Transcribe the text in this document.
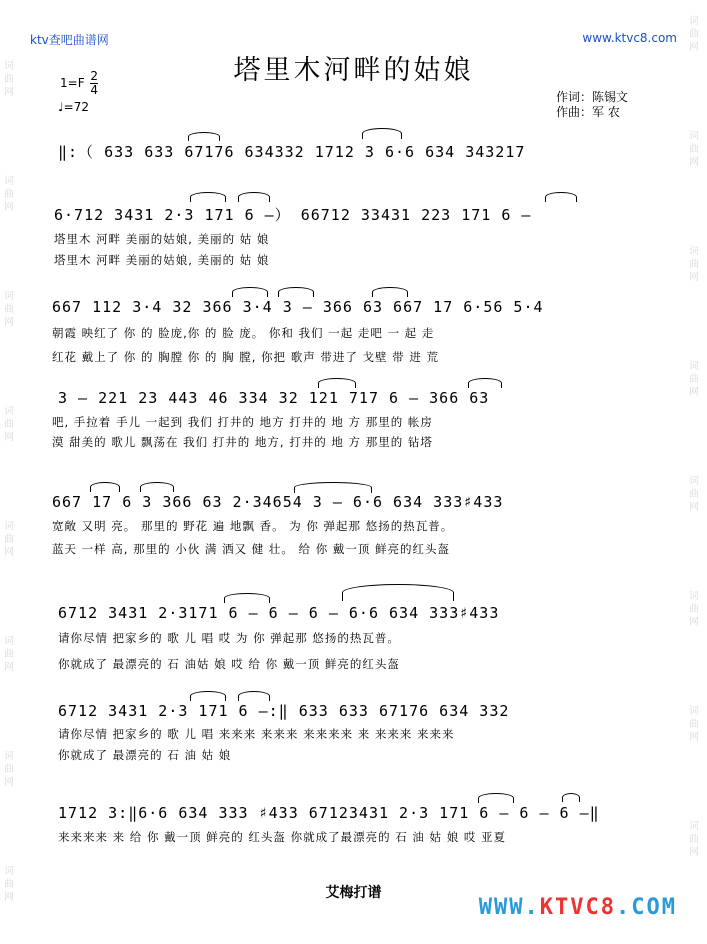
词曲网
词曲网
词曲网
词曲网
词曲网
词曲网
词曲网
词曲网
词曲网
词曲网
词曲网
词曲网
词曲网
词曲网
词曲网
词曲网
ktv查吧曲谱网	www.ktvc8.com
塔里木河畔的姑娘
$1=F \frac{2}{4}$
♩=72
作词：陈锡文
作曲：军 农
‖:（ 633 633 67176 634332 1712 3 6·6 634 343217
6·712 3431 2·3 171 6 –） 66712 33431 223 171 6 –
塔里木 河畔 美丽的姑娘, 美丽的 姑 娘
塔里木 河畔 美丽的姑娘, 美丽的 姑 娘
667 112 3·4 32 366 3·4 3 – 366 63 667 17 6·56 5·4
朝霞 映红了 你 的 脸庞,你 的 脸 庞。 你和 我们 一起 走吧 一 起 走
红花 戴上了 你 的 胸膛 你 的 胸 膛, 你把 歌声 带进了 戈壁 带 进 荒
3 – 221 23 443 46 334 32 121 717 6 – 366 63
吧, 手拉着 手儿 一起到 我们 打井的 地方 打井的 地 方 那里的 帐房
漠 甜美的 歌儿 飘荡在 我们 打井的 地方, 打井的 地 方 那里的 钻塔
667 17 6 3 366 63 2·34654 3 – 6·6 634 333♯433
宽敞 又明 亮。 那里的 野花 遍 地飘 香。 为 你 弹起那 悠扬的热瓦普。
蓝天 一样 高, 那里的 小伙 满 洒又 健 壮。 给 你 戴一顶 鲜亮的红头盔
6712 3431 2·3171 6 – 6 – 6 – 6·6 634 333♯433
请你尽情 把家乡的 歌 儿 唱 哎 为 你 弹起那 悠扬的热瓦普。
你就成了 最漂亮的 石 油姑 娘 哎 给 你 戴一顶 鲜亮的红头盔
6712 3431 2·3 171 6 –:‖ 633 633 67176 634 332
请你尽情 把家乡的 歌 儿 唱 来来来 来来来 来来来来 来 来来来 来来来
你就成了 最漂亮的 石 油 姑 娘
1712 3:‖6·6 634 333 ♯433 67123431 2·3 171 6 – 6 – 6 –‖
来来来来 来 给 你 戴一顶 鲜亮的 红头盔 你就成了最漂亮的 石 油 姑 娘 哎 亚夏
艾梅打谱
WWW.KTVC8.COM
